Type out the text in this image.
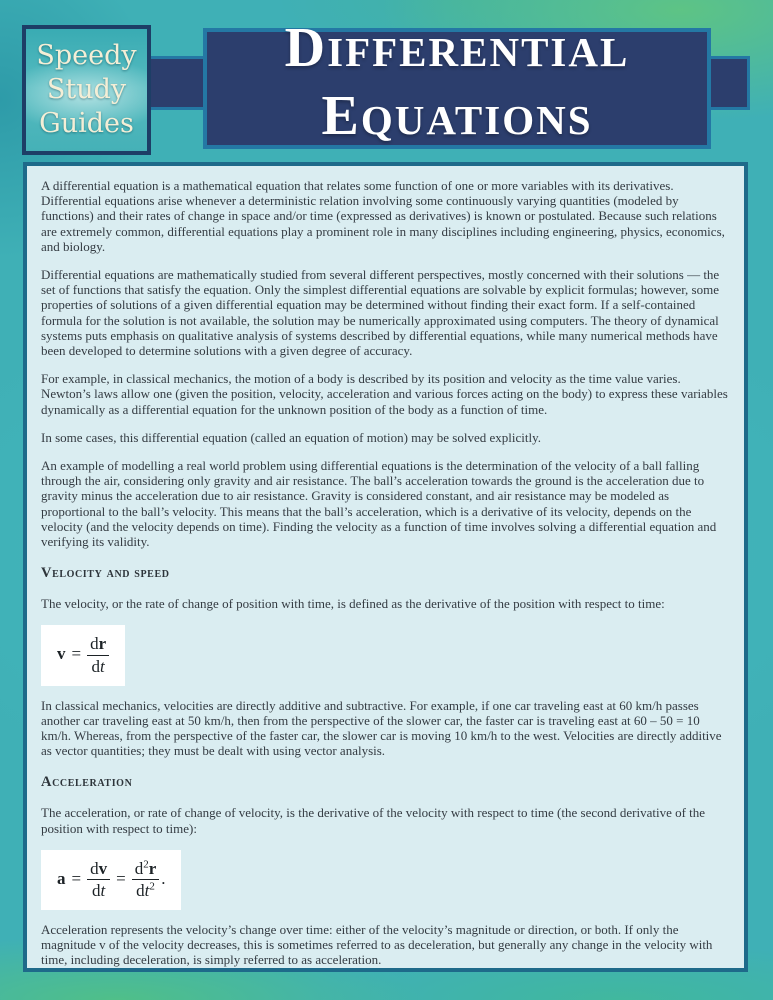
Speedy
Study
Guides
DIFFERENTIAL
EQUATIONS

A differential equation is a mathematical equation that relates some function of one or more variables with its derivatives. Differential equations arise whenever a deterministic relation involving some continuously varying quantities (modeled by functions) and their rates of change in space and/or time (expressed as derivatives) is known or postulated. Because such relations are extremely common, differential equations play a prominent role in many disciplines including engineering, physics, economics, and biology.

Differential equations are mathematically studied from several different perspectives, mostly concerned with their solutions — the set of functions that satisfy the equation. Only the simplest differential equations are solvable by explicit formulas; however, some properties of solutions of a given differential equation may be determined without finding their exact form. If a self-contained formula for the solution is not available, the solution may be numerically approximated using computers. The theory of dynamical systems puts emphasis on qualitative analysis of systems described by differential equations, while many numerical methods have been developed to determine solutions with a given degree of accuracy.

For example, in classical mechanics, the motion of a body is described by its position and velocity as the time value varies. Newton’s laws allow one (given the position, velocity, acceleration and various forces acting on the body) to express these variables dynamically as a differential equation for the unknown position of the body as a function of time.

In some cases, this differential equation (called an equation of motion) may be solved explicitly.

An example of modelling a real world problem using differential equations is the determination of the velocity of a ball falling through the air, considering only gravity and air resistance. The ball’s acceleration towards the ground is the acceleration due to gravity minus the acceleration due to air resistance. Gravity is considered constant, and air resistance may be modeled as proportional to the ball’s velocity. This means that the ball’s acceleration, which is a derivative of its velocity, depends on the velocity (and the velocity depends on time). Finding the velocity as a function of time involves solving a differential equation and verifying its validity.

Velocity and speed

The velocity, or the rate of change of position with time, is defined as the derivative of the position with respect to time:

$v = \frac{dr}{dt}$

In classical mechanics, velocities are directly additive and subtractive. For example, if one car traveling east at 60 km/h passes another car traveling east at 50 km/h, then from the perspective of the slower car, the faster car is traveling east at 60 – 50 = 10 km/h. Whereas, from the perspective of the faster car, the slower car is moving 10 km/h to the west. Velocities are directly additive as vector quantities; they must be dealt with using vector analysis.

Acceleration

The acceleration, or rate of change of velocity, is the derivative of the velocity with respect to time (the second derivative of the position with respect to time):

$a = \frac{dv}{dt} = \frac{d^2r}{dt^2}$ .

Acceleration represents the velocity’s change over time: either of the velocity’s magnitude or direction, or both. If only the magnitude v of the velocity decreases, this is sometimes referred to as deceleration, but generally any change in the velocity with time, including deceleration, is simply referred to as acceleration.
